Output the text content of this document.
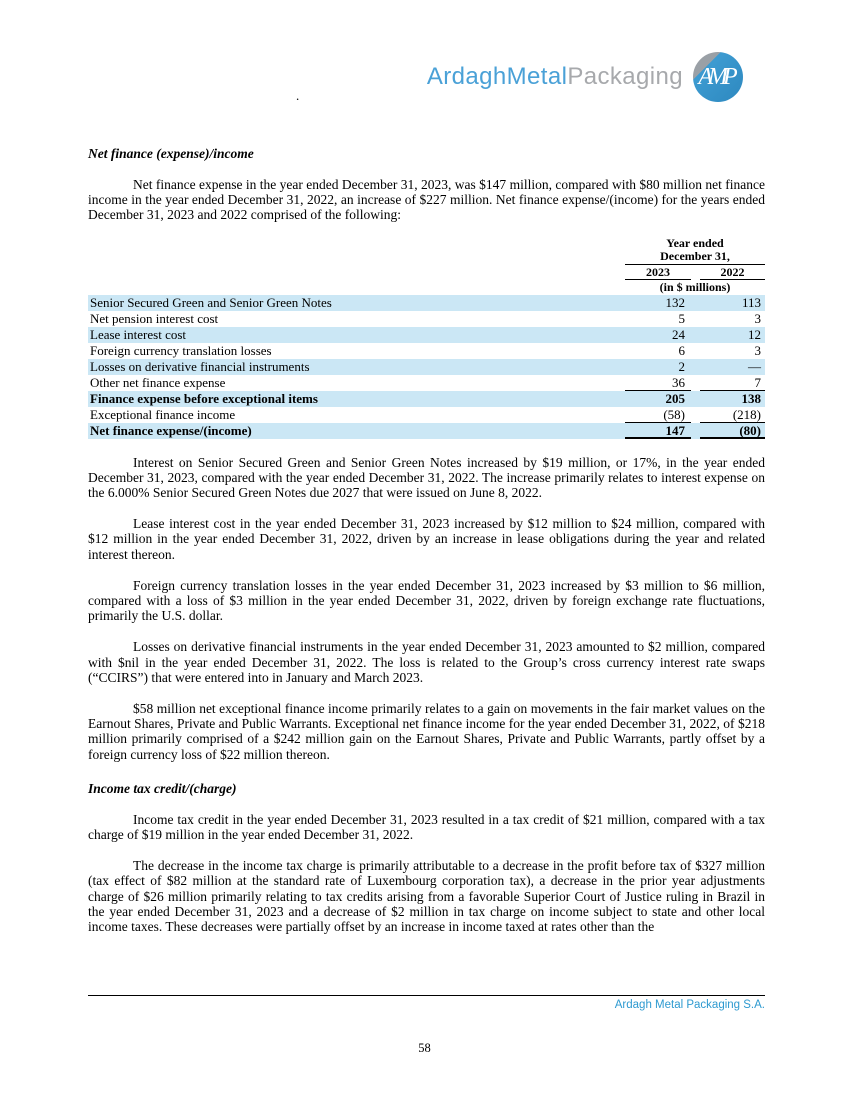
ArdaghMetalPackaging AMP
.
Net finance (expense)/income

Net finance expense in the year ended December 31, 2023, was $147 million, compared with $80 million net finance income in the year ended December 31, 2022, an increase of $227 million. Net finance expense/(income) for the years ended December 31, 2023 and 2022 comprised of the following:

Year ended
December 31,
2023	2022
(in $ millions)
Senior Secured Green and Senior Green Notes	132	113
Net pension interest cost	5	3
Lease interest cost	24	12
Foreign currency translation losses	6	3
Losses on derivative financial instruments	2	—
Other net finance expense	36	7
Finance expense before exceptional items	205	138
Exceptional finance income	(58)	(218)
Net finance expense/(income)	147	(80)

Interest on Senior Secured Green and Senior Green Notes increased by $19 million, or 17%, in the year ended December 31, 2023, compared with the year ended December 31, 2022. The increase primarily relates to interest expense on the 6.000% Senior Secured Green Notes due 2027 that were issued on June 8, 2022.

Lease interest cost in the year ended December 31, 2023 increased by $12 million to $24 million, compared with $12 million in the year ended December 31, 2022, driven by an increase in lease obligations during the year and related interest thereon.

Foreign currency translation losses in the year ended December 31, 2023 increased by $3 million to $6 million, compared with a loss of $3 million in the year ended December 31, 2022, driven by foreign exchange rate fluctuations, primarily the U.S. dollar.

Losses on derivative financial instruments in the year ended December 31, 2023 amounted to $2 million, compared with $nil in the year ended December 31, 2022. The loss is related to the Group’s cross currency interest rate swaps (“CCIRS”) that were entered into in January and March 2023.

$58 million net exceptional finance income primarily relates to a gain on movements in the fair market values on the Earnout Shares, Private and Public Warrants. Exceptional net finance income for the year ended December 31, 2022, of $218 million primarily comprised of a $242 million gain on the Earnout Shares, Private and Public Warrants, partly offset by a foreign currency loss of $22 million thereon.

Income tax credit/(charge)

Income tax credit in the year ended December 31, 2023 resulted in a tax credit of $21 million, compared with a tax charge of $19 million in the year ended December 31, 2022.

The decrease in the income tax charge is primarily attributable to a decrease in the profit before tax of $327 million (tax effect of $82 million at the standard rate of Luxembourg corporation tax), a decrease in the prior year adjustments charge of $26 million primarily relating to tax credits arising from a favorable Superior Court of Justice ruling in Brazil in the year ended December 31, 2023 and a decrease of $2 million in tax charge on income subject to state and other local income taxes. These decreases were partially offset by an increase in income taxed at rates other than the

Ardagh Metal Packaging S.A.
58
